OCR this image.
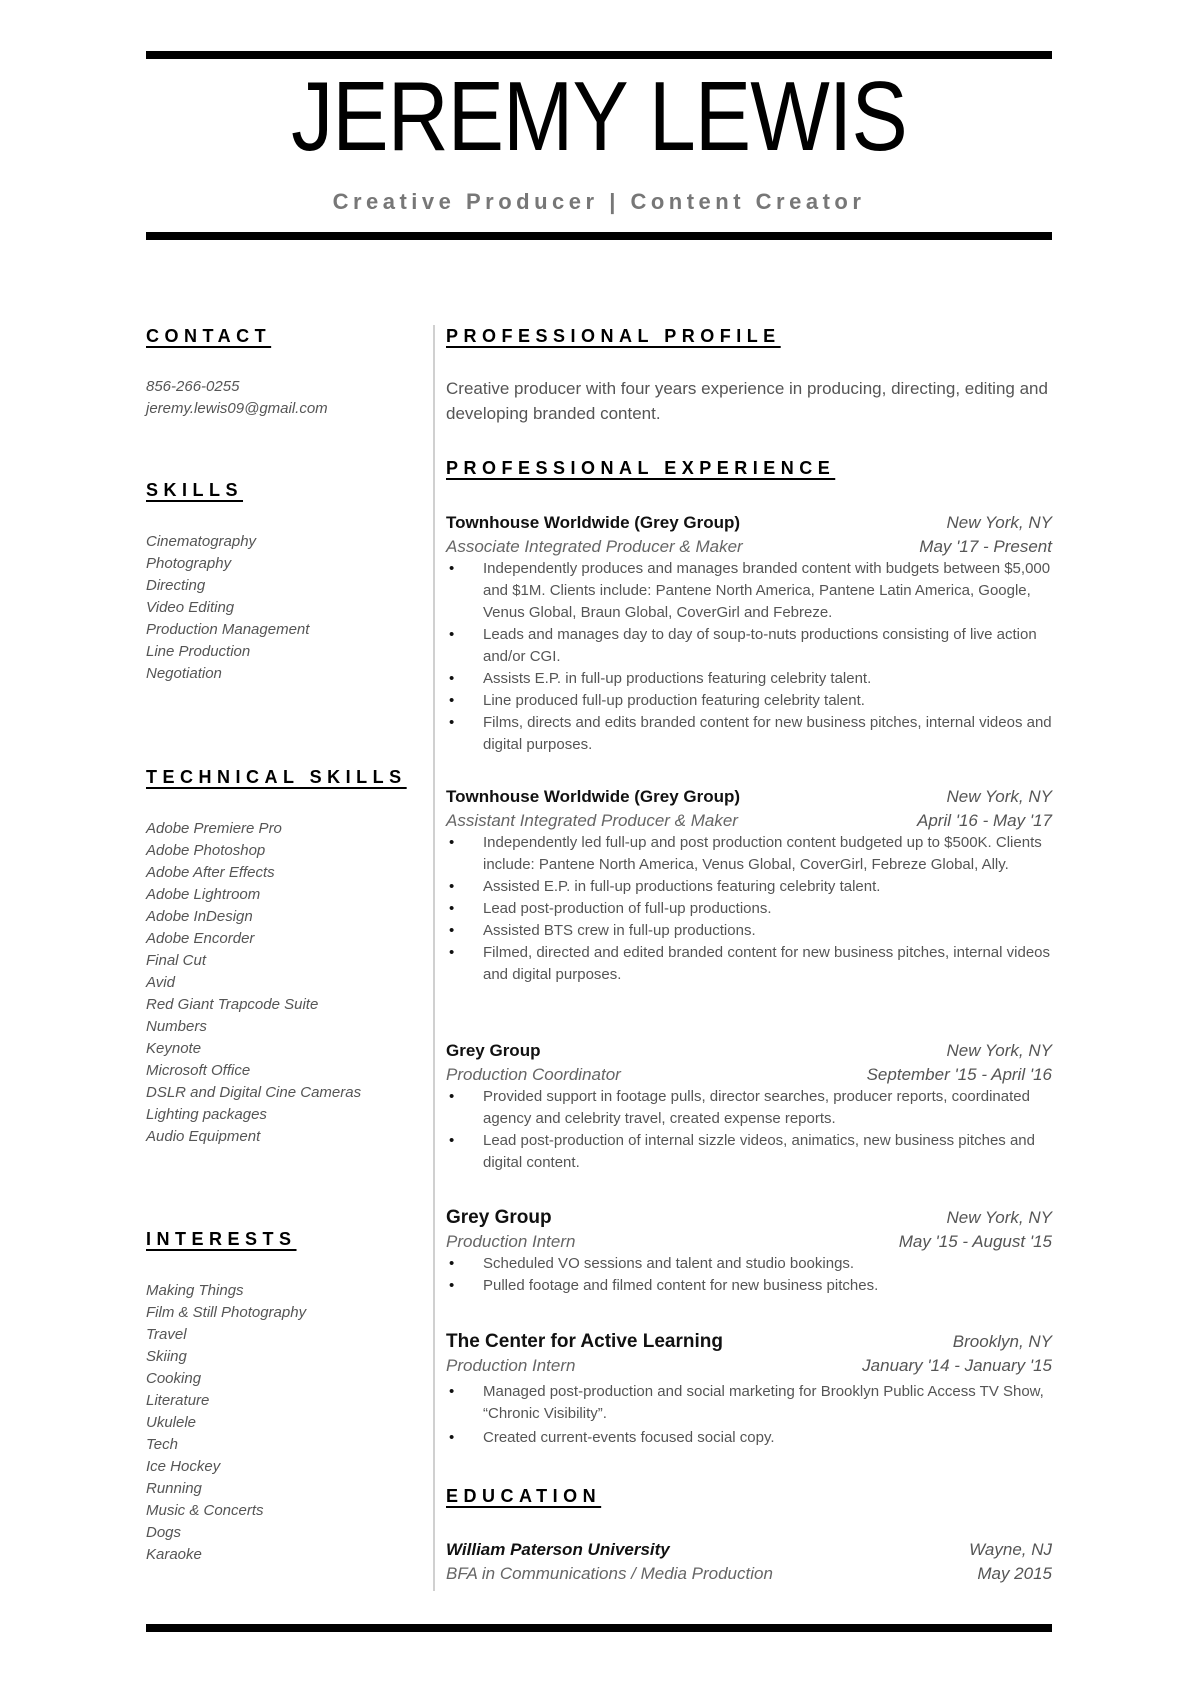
JEREMY LEWIS
Creative Producer | Content Creator
CONTACT
856-266-0255
jeremy.lewis09@gmail.com
SKILLS
Cinematography
Photography
Directing
Video Editing
Production Management
Line Production
Negotiation
TECHNICAL SKILLS
Adobe Premiere Pro
Adobe Photoshop
Adobe After Effects
Adobe Lightroom
Adobe InDesign
Adobe Encorder
Final Cut
Avid
Red Giant Trapcode Suite
Numbers
Keynote
Microsoft Office
DSLR and Digital Cine Cameras
Lighting packages
Audio Equipment
INTERESTS
Making Things
Film & Still Photography
Travel
Skiing
Cooking
Literature
Ukulele
Tech
Ice Hockey
Running
Music & Concerts
Dogs
Karaoke
PROFESSIONAL PROFILE
Creative producer with four years experience in producing, directing, editing and developing branded content.
PROFESSIONAL EXPERIENCE
Townhouse Worldwide (Grey Group)	New York, NY
Associate Integrated Producer & Maker	May '17 - Present
• Independently produces and manages branded content with budgets between $5,000 and $1M. Clients include: Pantene North America, Pantene Latin America, Google, Venus Global, Braun Global, CoverGirl and Febreze.
• Leads and manages day to day of soup-to-nuts productions consisting of live action and/or CGI.
• Assists E.P. in full-up productions featuring celebrity talent.
• Line produced full-up production featuring celebrity talent.
• Films, directs and edits branded content for new business pitches, internal videos and digital purposes.
Townhouse Worldwide (Grey Group)	New York, NY
Assistant Integrated Producer & Maker	April '16 - May '17
• Independently led full-up and post production content budgeted up to $500K. Clients include: Pantene North America, Venus Global, CoverGirl, Febreze Global, Ally.
• Assisted E.P. in full-up productions featuring celebrity talent.
• Lead post-production of full-up productions.
• Assisted BTS crew in full-up productions.
• Filmed, directed and edited branded content for new business pitches, internal videos and digital purposes.
Grey Group	New York, NY
Production Coordinator	September '15 - April '16
• Provided support in footage pulls, director searches, producer reports, coordinated agency and celebrity travel, created expense reports.
• Lead post-production of internal sizzle videos, animatics, new business pitches and digital content.
Grey Group	New York, NY
Production Intern	May '15 - August '15
• Scheduled VO sessions and talent and studio bookings.
• Pulled footage and filmed content for new business pitches.
The Center for Active Learning	Brooklyn, NY
Production Intern	January '14 - January '15
• Managed post-production and social marketing for Brooklyn Public Access TV Show, “Chronic Visibility”.
• Created current-events focused social copy.
EDUCATION
William Paterson University	Wayne, NJ
BFA in Communications / Media Production	May 2015
